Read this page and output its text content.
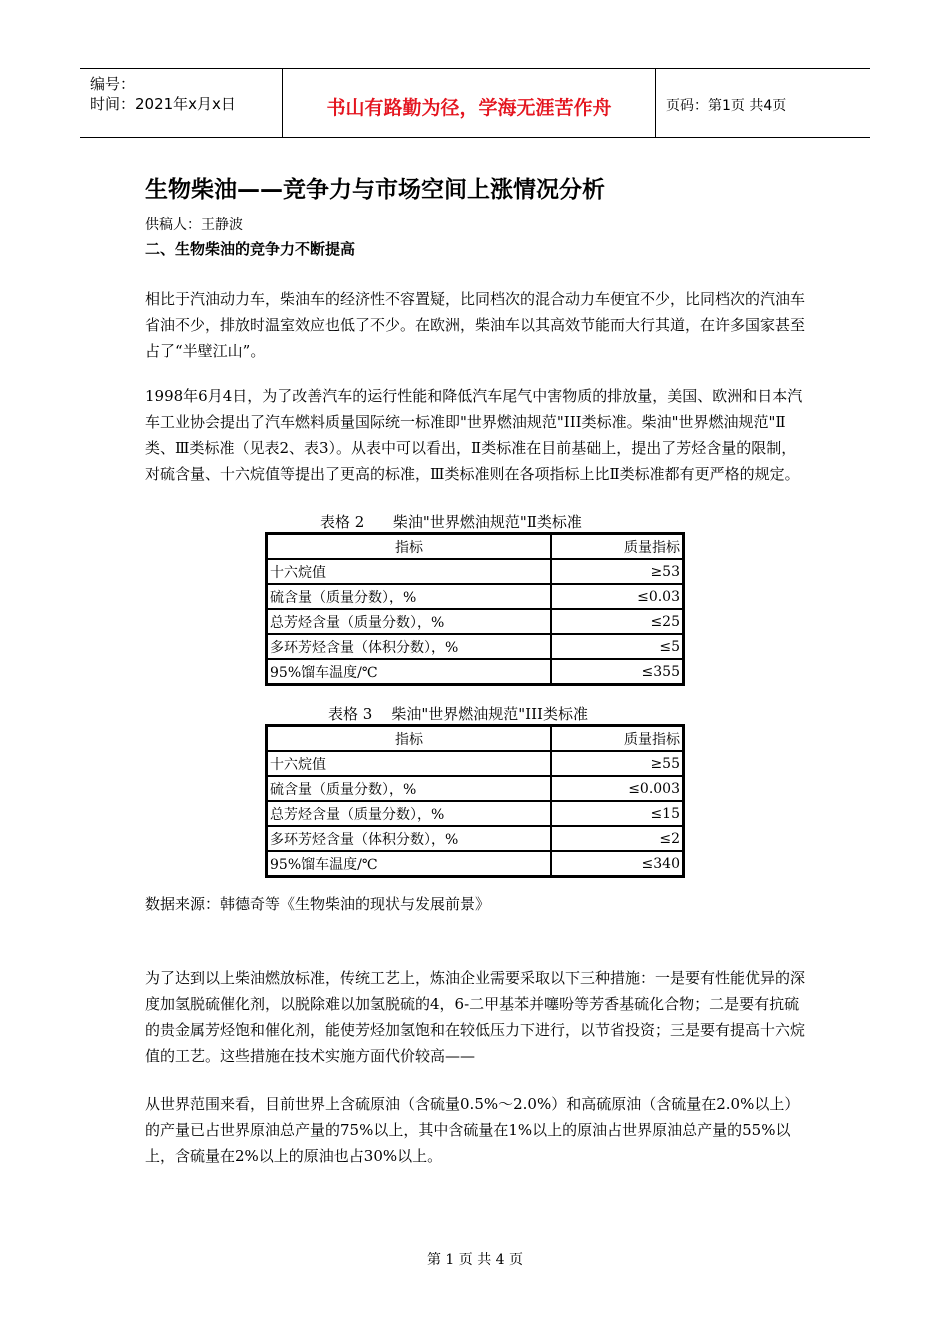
编号：
时间：2021年x月x日	书山有路勤为径，学海无涯苦作舟	页码：第1页 共4页
生物柴油——竞争力与市场空间上涨情况分析
供稿人：王静波
二、生物柴油的竞争力不断提高
相比于汽油动力车，柴油车的经济性不容置疑，比同档次的混合动力车便宜不少，比同档次的汽油车省油不少，排放时温室效应也低了不少。在欧洲，柴油车以其高效节能而大行其道，在许多国家甚至占了“半壁江山”。
1998年6月4日，为了改善汽车的运行性能和降低汽车尾气中害物质的排放量，美国、欧洲和日本汽车工业协会提出了汽车燃料质量国际统一标准即"世界燃油规范"III类标准。柴油"世界燃油规范"Ⅱ类、Ⅲ类标准（见表2、表3）。从表中可以看出，Ⅱ类标准在目前基础上，提出了芳烃含量的限制，对硫含量、十六烷值等提出了更高的标准，Ⅲ类标准则在各项指标上比Ⅱ类标准都有更严格的规定。
表格 2      柴油"世界燃油规范"Ⅱ类标准
指标	质量指标
十六烷值	≥53
硫含量（质量分数），%	≤0.03
总芳烃含量（质量分数），%	≤25
多环芳烃含量（体积分数），%	≤5
95%馏车温度/℃	≤355
表格 3    柴油"世界燃油规范"III类标准
指标	质量指标
十六烷值	≥55
硫含量（质量分数），%	≤0.003
总芳烃含量（质量分数），%	≤15
多环芳烃含量（体积分数），%	≤2
95%馏车温度/℃	≤340
数据来源：韩德奇等《生物柴油的现状与发展前景》
为了达到以上柴油燃放标准，传统工艺上，炼油企业需要采取以下三种措施：一是要有性能优异的深度加氢脱硫催化剂，以脱除难以加氢脱硫的4，6-二甲基苯并噻吩等芳香基硫化合物；二是要有抗硫的贵金属芳烃饱和催化剂，能使芳烃加氢饱和在较低压力下进行，以节省投资；三是要有提高十六烷值的工艺。这些措施在技术实施方面代价较高——
从世界范围来看，目前世界上含硫原油（含硫量0.5%～2.0%）和高硫原油（含硫量在2.0%以上）的产量已占世界原油总产量的75%以上，其中含硫量在1%以上的原油占世界原油总产量的55%以上，含硫量在2%以上的原油也占30%以上。
第 1 页 共 4 页
